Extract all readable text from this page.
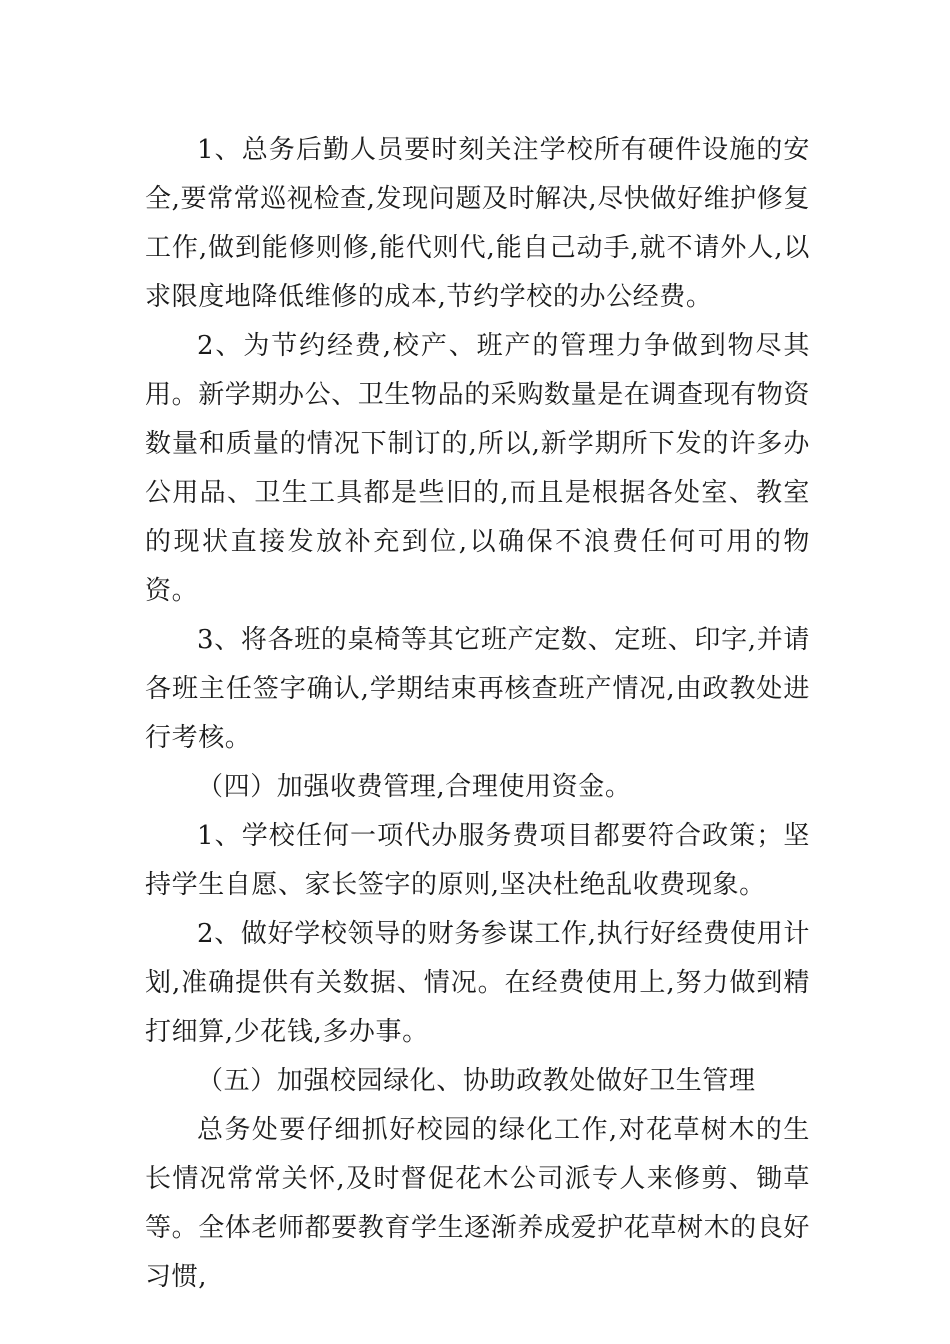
1、总务后勤人员要时刻关注学校所有硬件设施的安全,要常常巡视检查,发现问题及时解决,尽快做好维护修复工作,做到能修则修,能代则代,能自己动手,就不请外人,以求限度地降低维修的成本,节约学校的办公经费。

2、为节约经费,校产、班产的管理力争做到物尽其用。新学期办公、卫生物品的采购数量是在调查现有物资数量和质量的情况下制订的,所以,新学期所下发的许多办公用品、卫生工具都是些旧的,而且是根据各处室、教室的现状直接发放补充到位,以确保不浪费任何可用的物资。

3、将各班的桌椅等其它班产定数、定班、印字,并请各班主任签字确认,学期结束再核查班产情况,由政教处进行考核。

（四）加强收费管理,合理使用资金。

1、学校任何一项代办服务费项目都要符合政策；坚持学生自愿、家长签字的原则,坚决杜绝乱收费现象。

2、做好学校领导的财务参谋工作,执行好经费使用计划,准确提供有关数据、情况。在经费使用上,努力做到精打细算,少花钱,多办事。

（五）加强校园绿化、协助政教处做好卫生管理

总务处要仔细抓好校园的绿化工作,对花草树木的生长情况常常关怀,及时督促花木公司派专人来修剪、锄草等。全体老师都要教育学生逐渐养成爱护花草树木的良好习惯,
